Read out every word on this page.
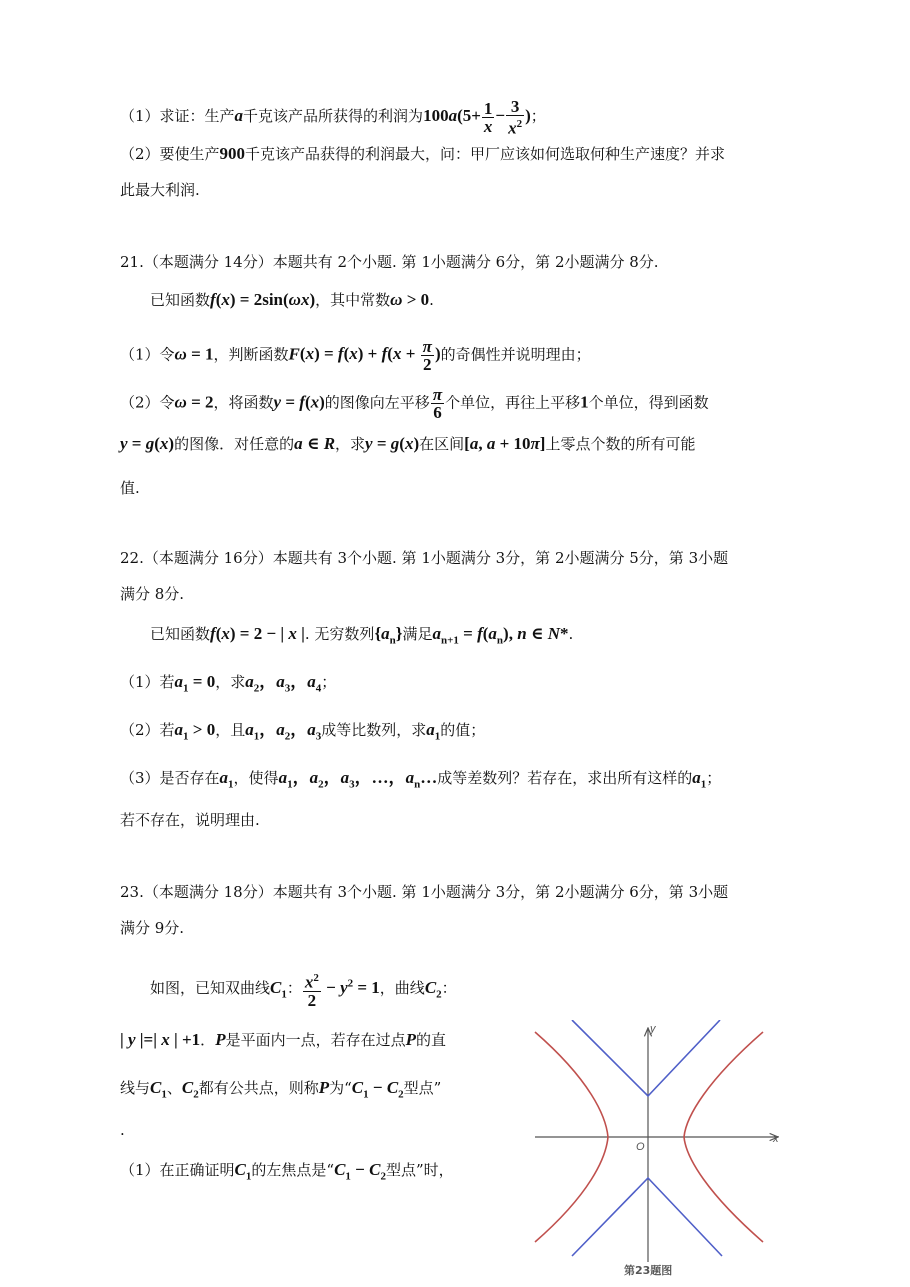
（1）求证：生产a千克该产品所获得的利润为$100a(5+ \frac{1}{x} - \frac{3}{x^2}$ )；
（2）要使生产900千克该产品获得的利润最大，问：甲厂应该如何选取何种生产速度？并求
此最大利润.
21.（本题满分 14分）本题共有 2个小题. 第 1小题满分 6分，第 2小题满分 8分.
已知函数f(x) = 2sin(ωx)，其中常数ω > 0.
（1）令ω = 1，判断函数$F(x) = f(x) + f(x + \frac{\pi}{2}$ )的奇偶性并说明理由；
（2）令ω = 2，将函数y = f(x)的图像向左平移 $\frac{\pi}{6}$ 个单位，再往上平移1个单位，得到函数
y = g(x)的图像．对任意的a ∈ R，求y = g(x)在区间[a, a + 10π]上零点个数的所有可能
值.
22.（本题满分 16分）本题共有 3个小题. 第 1小题满分 3分，第 2小题满分 5分，第 3小题
满分 8分.
已知函数f(x) = 2 − | x |. 无穷数列$\{a_n\}$满足$a_{n+1} = f(a_n)$, n ∈ N*.
（1）若$a_1 = 0$，求$a_2$，$a_3$，$a_4$；
（2）若$a_1 > 0$，且$a_1$，$a_2$，$a_3$成等比数列，求$a_1$的值；
（3）是否存在$a_1$，使得$a_1$，$a_2$，$a_3$，…，$a_n\dots$成等差数列？若存在，求出所有这样的$a_1$；
若不存在，说明理由.
23.（本题满分 18分）本题共有 3个小题. 第 1小题满分 3分，第 2小题满分 6分，第 3小题
满分 9分.
如图，已知双曲线$C_1$： $\frac{x^2}{2} - y^2 = 1$，曲线$C_2$：
| y |=| x | +1．P是平面内一点，若存在过点P的直
线与$C_1$、$C_2$都有公共点，则称P为“$C_1 - C_2$型点”
.
（1）在正确证明$C_1$的左焦点是“$C_1 - C_2$型点”时，
x
y
O
第23题图
